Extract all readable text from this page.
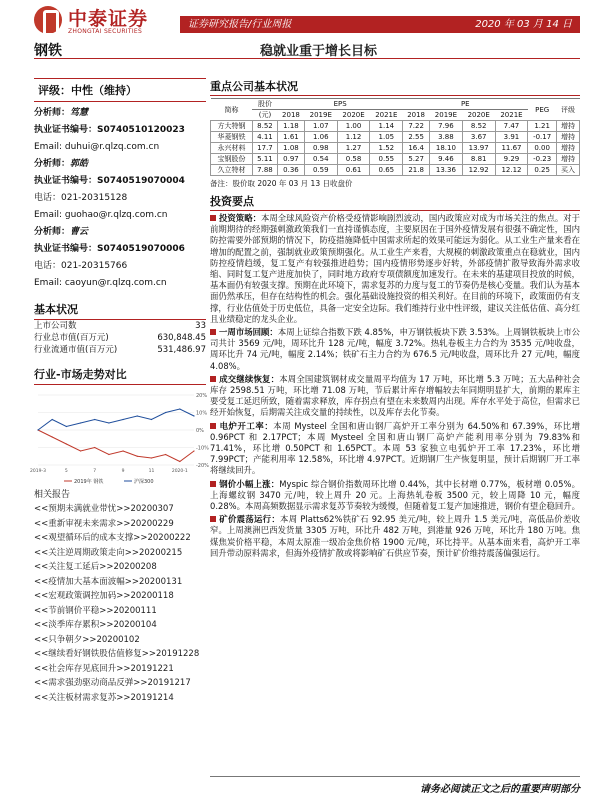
中泰证券
ZHONGTAI SECURITIES
证券研究报告/行业周报	2020 年 03 月 14 日
钢铁	稳就业重于增长目标
评级：中性（维持）
分析师：笃慧
执业证书编号：S0740510120023
Email: duhui@r.qlzq.com.cn
分析师：郭皓
执业证书编号：S0740519070004
电话：021-20315128
Email: guohao@r.qlzq.com.cn
分析师：曹云
执业证书编号：S0740519070006
电话：021-20315766
Email: caoyun@r.qlzq.com.cn
基本状况
上市公司数	33
行业总市值(百万元)	630,848.45
行业流通市值(百万元)	531,486.97
行业-市场走势对比
-20%
-10%
0%
10%
20%
2019-3	5	7	9	11	2020-1
2019年 钢铁	沪深300
相关报告
<<预期未满就业带忧>>20200307
<<重新审视未来需求>>20200229
<<观望循环后的成本支撑>>20200222
<<关注逆周期政策走向>>20200215
<<关注复工延后>>20200208
<<疫情加大基本面波幅>>20200131
<<宏观政策调控加码>>20200118
<<节前钢价平稳>>20200111
<<淡季库存累积>>20200104
<<只争朝夕>>20200102
<<继续看好钢铁股估值修复>>20191228
<<社会库存见底回升>>20191221
<<需求强劲驱动商品反弹>>20191217
<<关注板材需求复苏>>20191214
重点公司基本状况
简称	股价	EPS				PE				PEG	评级
	(元)	2018	2019E	2020E	2021E	2018	2019E	2020E	2021E		
方大特钢	8.52	1.18	1.07	1.00	1.14	7.22	7.96	8.52	7.47	1.21	增持
华菱钢铁	4.11	1.61	1.06	1.12	1.05	2.55	3.88	3.67	3.91	-0.17	增持
永兴材料	17.7	1.08	0.98	1.27	1.52	16.4	18.10	13.97	11.67	0.00	增持
宝钢股份	5.11	0.97	0.54	0.58	0.55	5.27	9.46	8.81	9.29	-0.23	增持
久立特材	7.88	0.36	0.59	0.61	0.65	21.8	13.36	12.92	12.12	0.25	买入
备注：股价取 2020 年 03 月 13 日收盘价
投资要点
投资策略：本周全球风险资产价格受疫情影响剧烈波动，国内政策应对成为市场关注的焦点。对于前期期待的经期强刺激政策我们一直持谨慎态度，主要原因在于国外疫情发展有很强不确定性，国内防控需要外部预期的情况下，防疫措施降低中国需求所起的效果可能远为弱化。从工业生产量来看在增加的配置之前，强制就业政策预期强化。从工业生产来看，大规模的刺激政策重点在稳就业，国内防控疫情趋缓，复工复产有较强推进趋势；国内疫情形势逐步好转，外部疫情扩散导致海外需求收缩、同时复工复产进度加快了，同时地方政府专项债额度加速发行。在未来的基建项目投放的时候，基本面仍有较强支撑。预期在此环境下，需求复苏的力度与复工的节奏仍是核心变量。我们认为基本面仍然承压，但存在结构性的机会。强化基础设施投资的相关利好。在目前的环境下，政策面仍有支撑，行业估值处于历史低位，具备一定安全边际。我们维持行业中性评级，建议关注低估值、高分红且业绩稳定的龙头企业。
一周市场回顾：本周上证综合指数下跌 4.85%，申万钢铁板块下跌 3.53%。上周钢铁板块上市公司共计 3569 元/吨，周环比升 128 元/吨，幅度 3.72%。热轧卷板主力合约为 3535 元/吨收盘，周环比升 74 元/吨，幅度 2.14%；铁矿石主力合约为 676.5 元/吨收盘，周环比升 27 元/吨，幅度 4.08%。
成交继续恢复：本周全国建筑钢材成交量周平均值为 17 万吨，环比增 5.3 万吨；五大品种社会库存 2598.51 万吨，环比增 71.08 万吨，节后累计库存增幅较去年同期明显扩大，前期的累库主要受复工延迟所致，随着需求释放，库存拐点有望在未来数周内出现。库存水平处于高位，但需求已经开始恢复，后期需关注成交量的持续性，以及库存去化节奏。
电炉开工率：本周 Mysteel 全国和唐山钢厂高炉开工率分别为 64.50%和 67.39%，环比增 0.96PCT 和 2.17PCT；本周 Mysteel 全国和唐山钢厂高炉产能利用率分别为 79.83%和 71.41%，环比增 0.50PCT 和 1.65PCT。本周 53 家独立电弧炉开工率 17.23%，环比增 7.99PCT；产能利用率 12.58%，环比增 4.97PCT。近期钢厂生产恢复明显，预计后期钢厂开工率将继续回升。
钢价小幅上涨：Myspic 综合钢价指数周环比增 0.44%，其中长材增 0.77%，板材增 0.05%。上海螺纹钢 3470 元/吨，较上周升 20 元。上海热轧卷板 3500 元，较上周降 10 元，幅度 0.28%。本周高频数据显示需求复苏节奏较为缓慢，但随着复工复产加速推进，钢价有望企稳回升。
矿价震荡运行：本周 Platts62%铁矿石 92.95 美元/吨，较上周升 1.5 美元/吨，高低品价差收窄。上周澳洲巴西发货量 3305 万吨，环比升 482 万吨，到港量 926 万吨，环比升 180 万吨。焦煤焦炭价格平稳，本周太原准一级冶金焦价格 1900 元/吨，环比持平。从基本面来看，高炉开工率回升带动原料需求，但海外疫情扩散或将影响矿石供应节奏，预计矿价维持震荡偏强运行。
请务必阅读正文之后的重要声明部分
